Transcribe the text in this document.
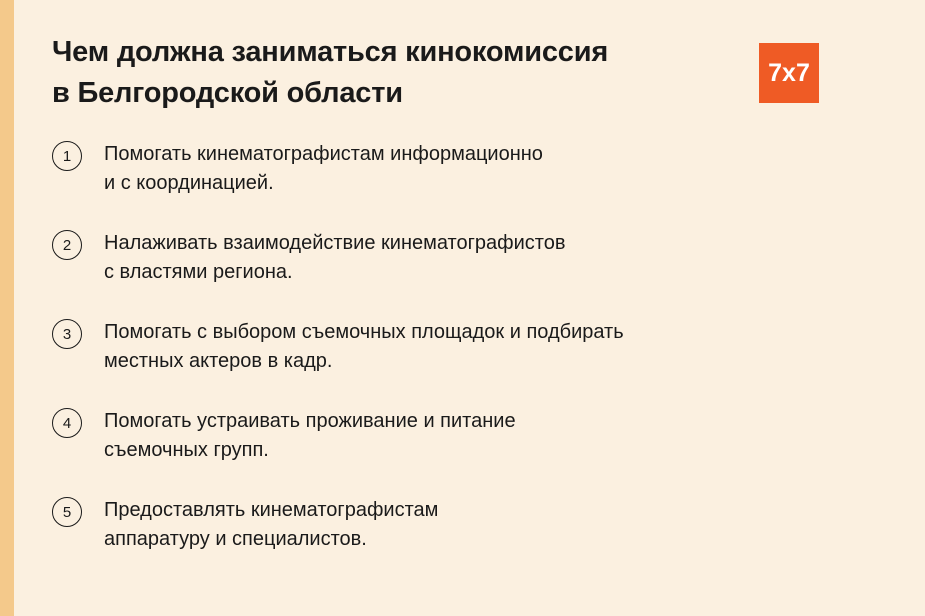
Чем должна заниматься кинокомиссия
в Белгородской области
7x7
1	Помогать кинематографистам информационно
и с координацией.
2	Налаживать взаимодействие кинематографистов
с властями региона.
3	Помогать с выбором съемочных площадок и подбирать
местных актеров в кадр.
4	Помогать устраивать проживание и питание
съемочных групп.
5	Предоставлять кинематографистам
аппаратуру и специалистов.
